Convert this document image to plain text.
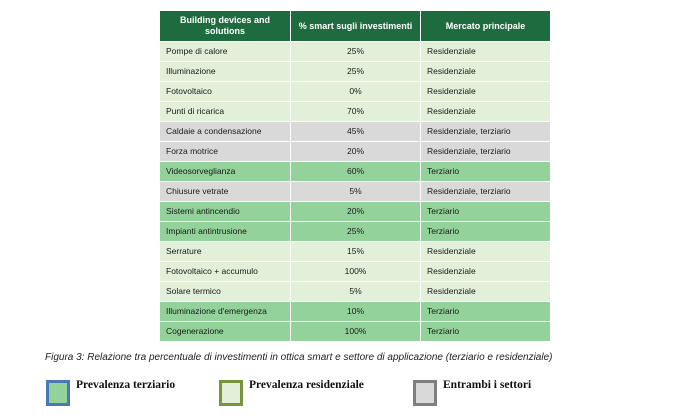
Building devices and solutions	% smart sugli investimenti	Mercato principale
Pompe di calore	25%	Residenziale
Illuminazione	25%	Residenziale
Fotovoltaico	0%	Residenziale
Punti di ricarica	70%	Residenziale
Caldaie a condensazione	45%	Residenziale, terziario
Forza motrice	20%	Residenziale, terziario
Videosorveglianza	60%	Terziario
Chiusure vetrate	5%	Residenziale, terziario
Sistemi antincendio	20%	Terziario
Impianti antintrusione	25%	Terziario
Serrature	15%	Residenziale
Fotovoltaico + accumulo	100%	Residenziale
Solare termico	5%	Residenziale
Illuminazione d'emergenza	10%	Terziario
Cogenerazione	100%	Terziario
Figura 3: Relazione tra percentuale di investimenti in ottica smart e settore di applicazione (terziario e residenziale)
Prevalenza terziario	Prevalenza residenziale	Entrambi i settori
